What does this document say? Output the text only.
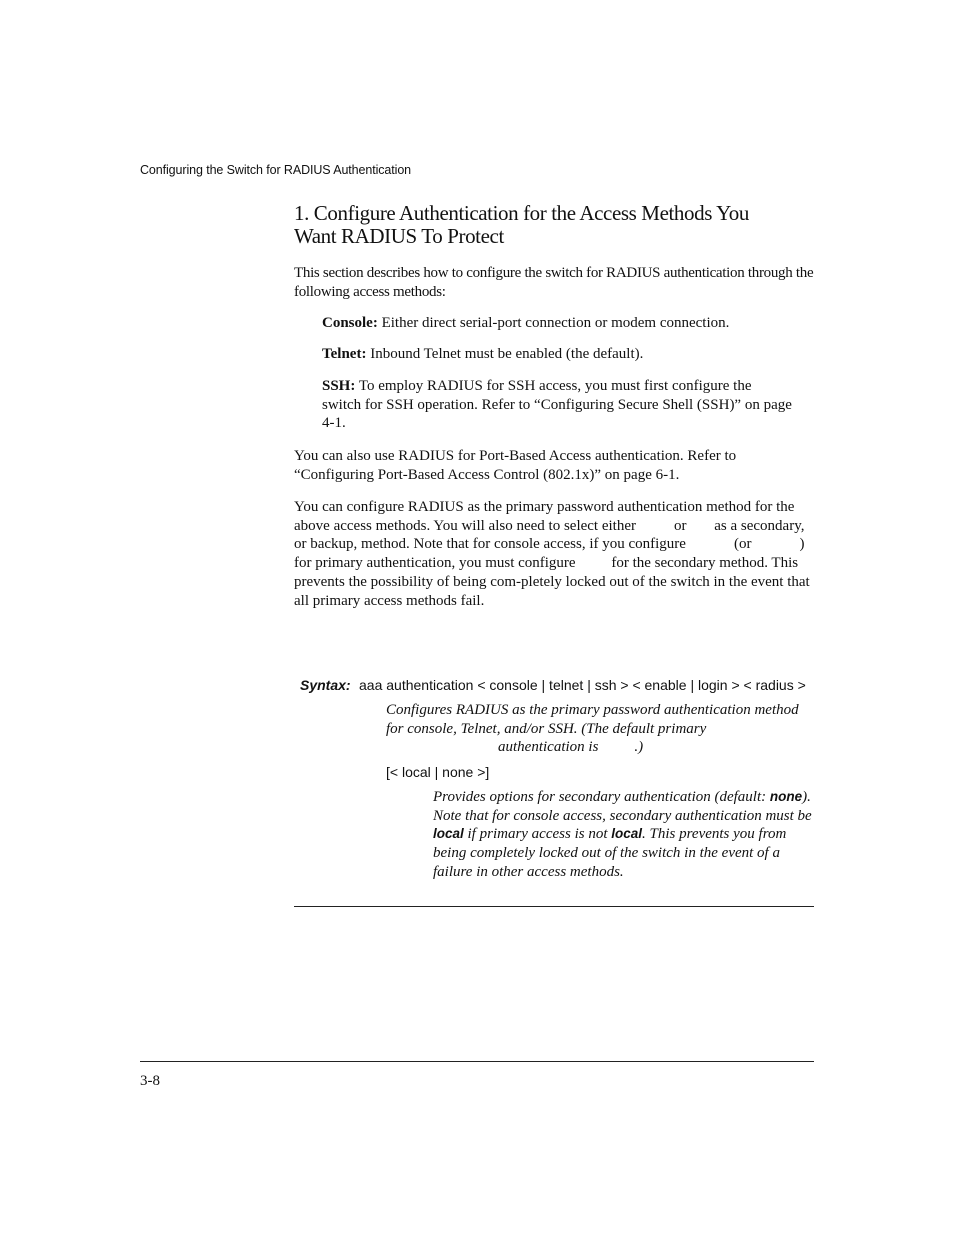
Configuring the Switch for RADIUS Authentication
1. Configure Authentication for the Access Methods You
Want RADIUS To Protect

This section describes how to configure the switch for RADIUS authentication through the following access methods:

Console: Either direct serial-port connection or modem connection.

Telnet: Inbound Telnet must be enabled (the default).

SSH: To employ RADIUS for SSH access, you must first configure the switch for SSH operation. Refer to “Configuring Secure Shell (SSH)” on page 4-1.

You can also use RADIUS for Port-Based Access authentication. Refer to “Configuring Port-Based Access Control (802.1x)” on page 6-1.

You can configure RADIUS as the primary password authentication method for the above access methods. You will also need to select either	or as a secondary, or backup, method. Note that for console access, if you configure	(or	) for primary authentication, you must configure for the secondary method. This prevents the possibility of being com-pletely locked out of the switch in the event that all primary access methods fail.

Syntax: aaa authentication < console | telnet | ssh > < enable | login > < radius >
Configures RADIUS as the primary password authentication method for console, Telnet, and/or SSH. (The default primary
authentication is .)
[< local | none >]
Provides options for secondary authentication (default: none). Note that for console access, secondary authentication must be local if primary access is not local. This prevents you from being completely locked out of the switch in the event of a failure in other access methods.
3-8
